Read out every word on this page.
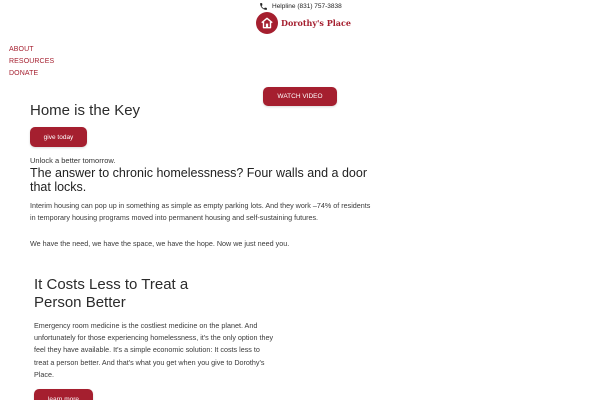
Helpline
(831) 757-3838
Dorothy's Place
ABOUT
RESOURCES
DONATE
WATCH VIDEO
Home is the Key
give today
Unlock a better tomorrow.
The answer to chronic homelessness? Four walls and a door that locks.

Interim housing can pop up in something as simple as empty parking lots. And they work –74% of residents in temporary housing programs moved into permanent housing and self-sustaining futures.

We have the need, we have the space, we have the hope. Now we just need you.

It Costs Less to Treat a Person Better

Emergency room medicine is the costliest medicine on the planet. And unfortunately for those experiencing homelessness, it's the only option they feel they have available. It's a simple economic solution: It costs less to treat a person better. And that's what you get when you give to Dorothy's Place.

learn more
